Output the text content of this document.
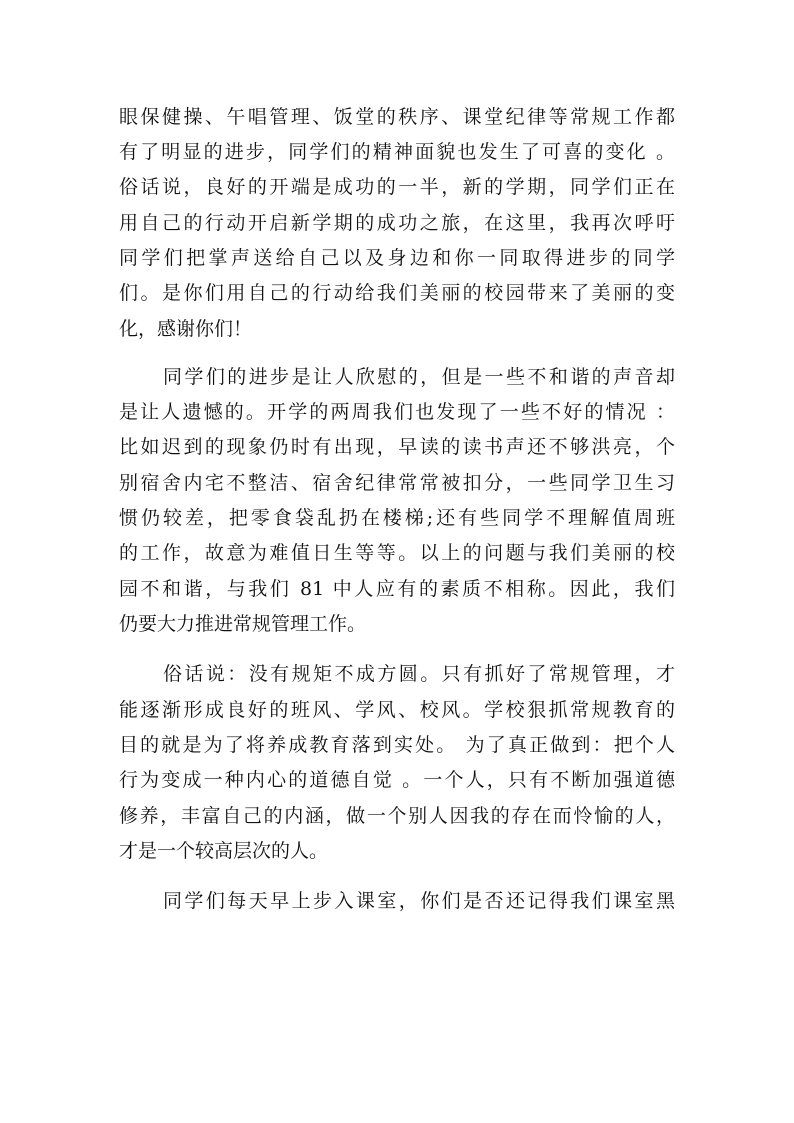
眼保健操、午唱管理、饭堂的秩序、课堂纪律等常规工作都
有了明显的进步，同学们的精神面貌也发生了可喜的变化 。
俗话说，良好的开端是成功的一半，新的学期，同学们正在
用自己的行动开启新学期的成功之旅，在这里，我再次呼吁
同学们把掌声送给自己以及身边和你一同取得进步的同学
们。是你们用自己的行动给我们美丽的校园带来了美丽的变
化，感谢你们！
同学们的进步是让人欣慰的，但是一些不和谐的声音却
是让人遗憾的。开学的两周我们也发现了一些不好的情况 ：
比如迟到的现象仍时有出现，早读的读书声还不够洪亮，个
别宿舍内宅不整洁、宿舍纪律常常被扣分，一些同学卫生习
惯仍较差，把零食袋乱扔在楼梯;还有些同学不理解值周班
的工作，故意为难值日生等等。以上的问题与我们美丽的校
园不和谐，与我们 81 中人应有的素质不相称。因此，我们
仍要大力推进常规管理工作。
俗话说：没有规矩不成方圆。只有抓好了常规管理，才
能逐渐形成良好的班风、学风、校风。学校狠抓常规教育的
目的就是为了将养成教育落到实处。 为了真正做到：把个人
行为变成一种内心的道德自觉 。一个人，只有不断加强道德
修养，丰富自己的内涵，做一个别人因我的存在而怜愉的人，
才是一个较高层次的人。
同学们每天早上步入课室，你们是否还记得我们课室黑
